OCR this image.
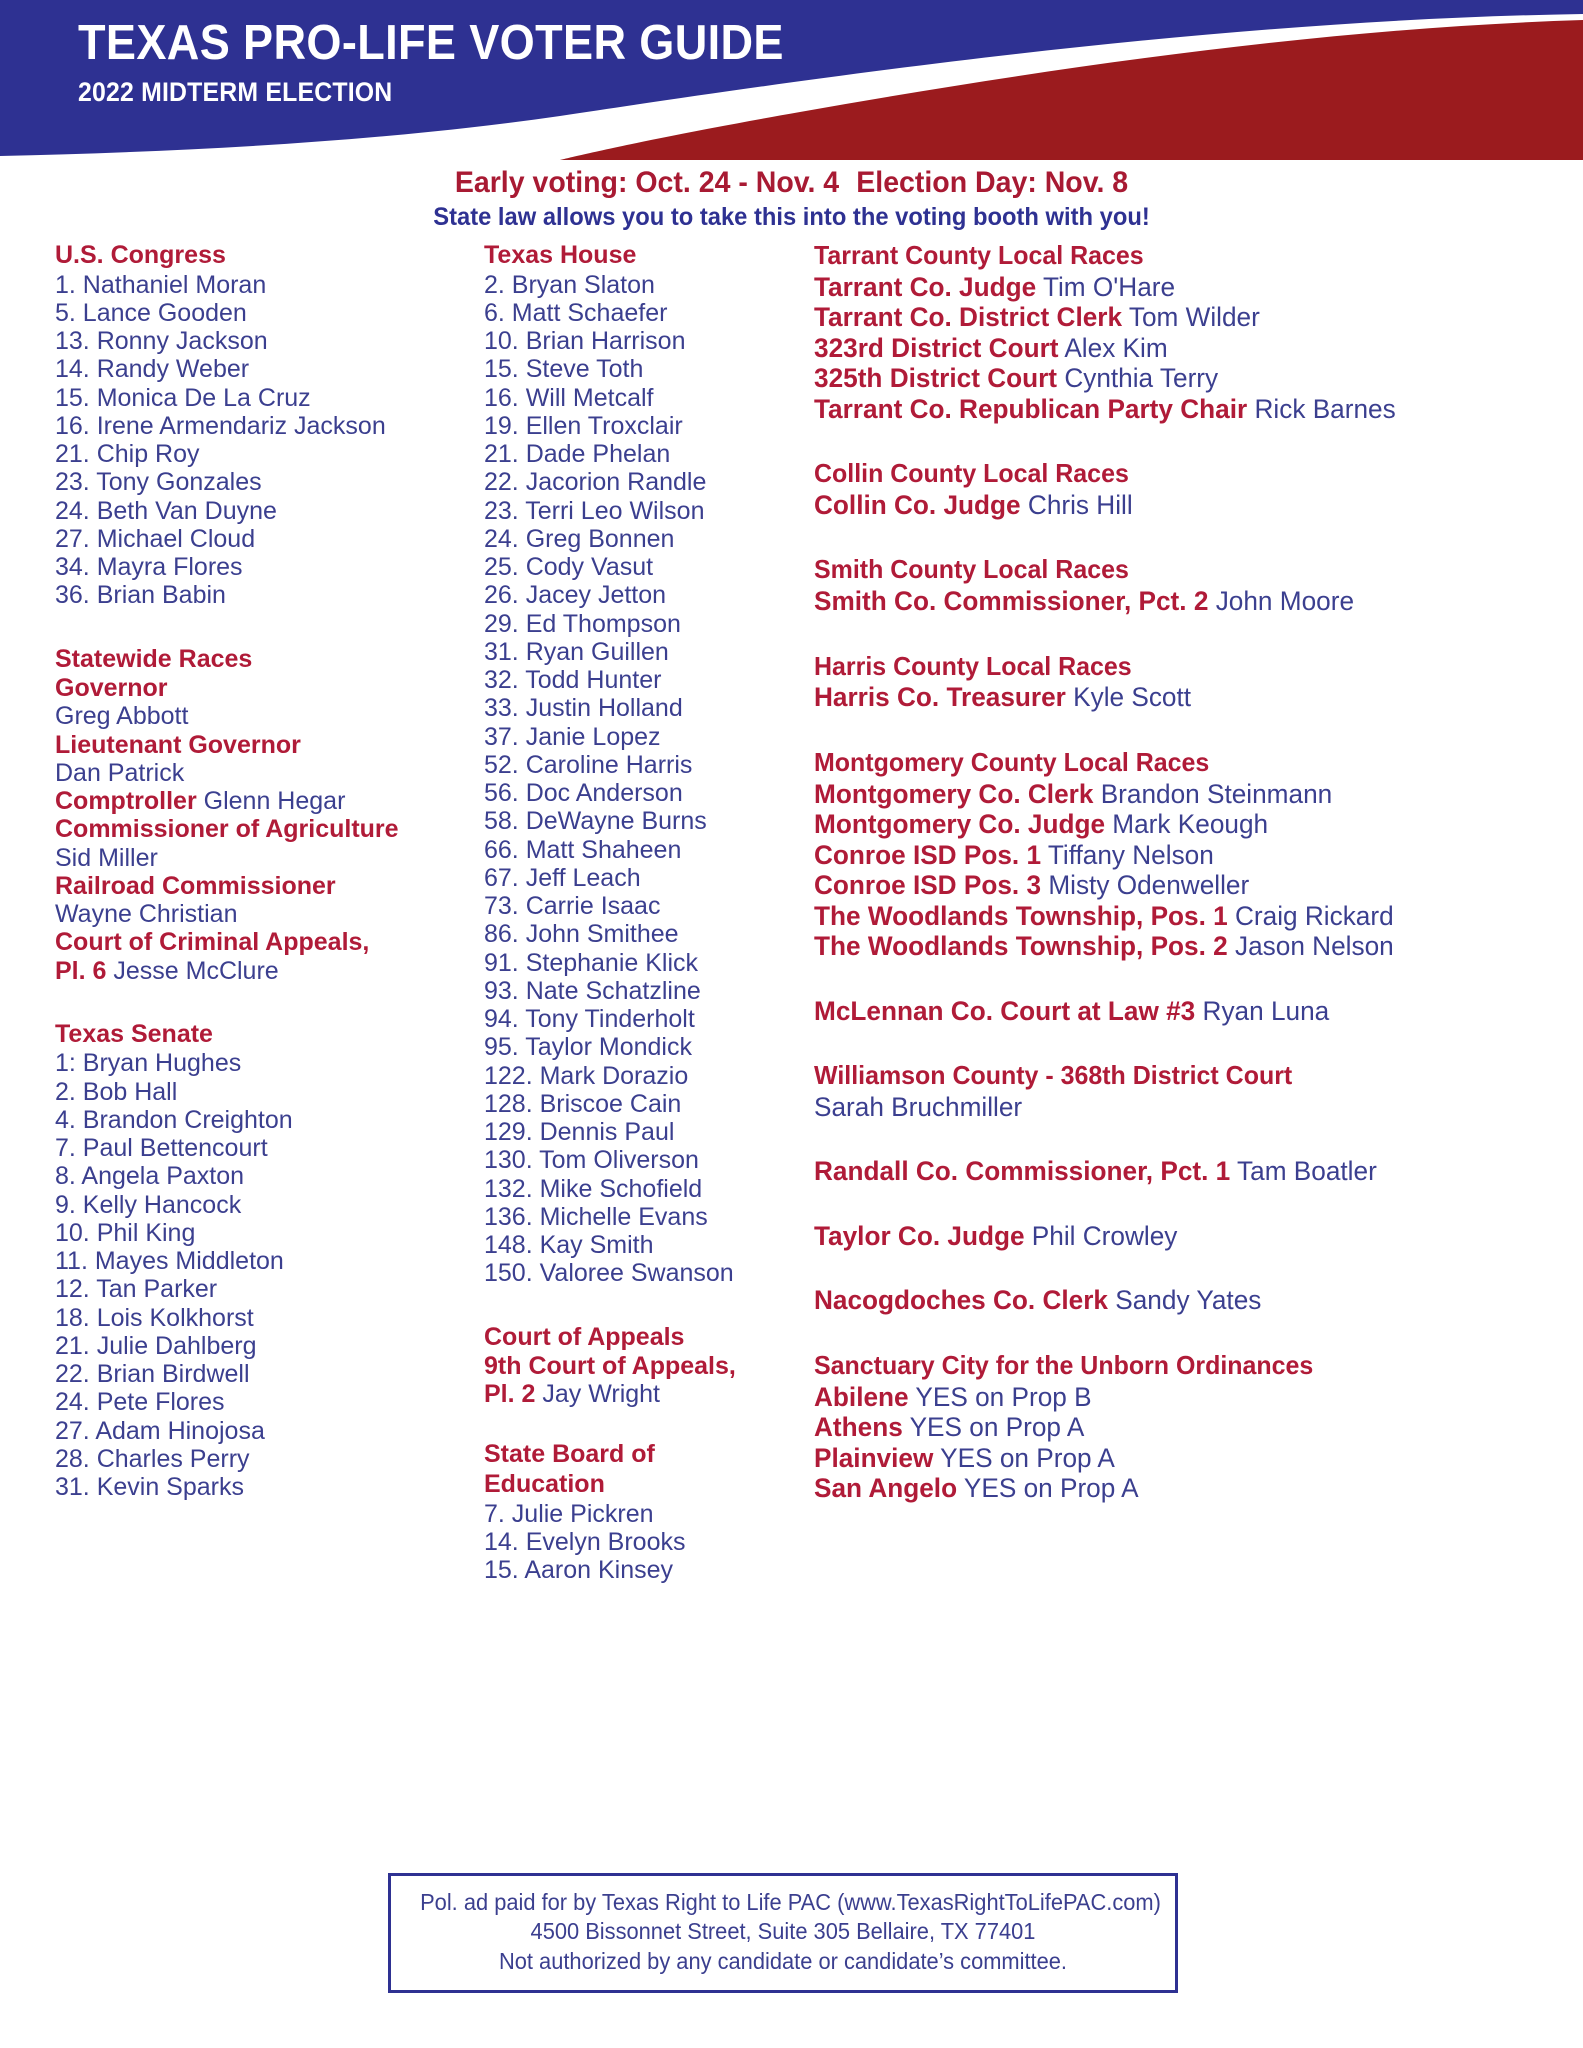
TEXAS PRO-LIFE VOTER GUIDE
2022 MIDTERM ELECTION
Early voting: Oct. 24 - Nov. 4 Election Day: Nov. 8
State law allows you to take this into the voting booth with you!
U.S. Congress
1. Nathaniel Moran
5. Lance Gooden
13. Ronny Jackson
14. Randy Weber
15. Monica De La Cruz
16. Irene Armendariz Jackson
21. Chip Roy
23. Tony Gonzales
24. Beth Van Duyne
27. Michael Cloud
34. Mayra Flores
36. Brian Babin
Statewide Races
Governor
Greg Abbott
Lieutenant Governor
Dan Patrick
Comptroller Glenn Hegar
Commissioner of Agriculture
Sid Miller
Railroad Commissioner
Wayne Christian
Court of Criminal Appeals,
Pl. 6 Jesse McClure
Texas Senate
1: Bryan Hughes
2. Bob Hall
4. Brandon Creighton
7. Paul Bettencourt
8. Angela Paxton
9. Kelly Hancock
10. Phil King
11. Mayes Middleton
12. Tan Parker
18. Lois Kolkhorst
21. Julie Dahlberg
22. Brian Birdwell
24. Pete Flores
27. Adam Hinojosa
28. Charles Perry
31. Kevin Sparks
Texas House
2. Bryan Slaton
6. Matt Schaefer
10. Brian Harrison
15. Steve Toth
16. Will Metcalf
19. Ellen Troxclair
21. Dade Phelan
22. Jacorion Randle
23. Terri Leo Wilson
24. Greg Bonnen
25. Cody Vasut
26. Jacey Jetton
29. Ed Thompson
31. Ryan Guillen
32. Todd Hunter
33. Justin Holland
37. Janie Lopez
52. Caroline Harris
56. Doc Anderson
58. DeWayne Burns
66. Matt Shaheen
67. Jeff Leach
73. Carrie Isaac
86. John Smithee
91. Stephanie Klick
93. Nate Schatzline
94. Tony Tinderholt
95. Taylor Mondick
122. Mark Dorazio
128. Briscoe Cain
129. Dennis Paul
130. Tom Oliverson
132. Mike Schofield
136. Michelle Evans
148. Kay Smith
150. Valoree Swanson
Court of Appeals
9th Court of Appeals,
Pl. 2 Jay Wright
State Board of
Education
7. Julie Pickren
14. Evelyn Brooks
15. Aaron Kinsey
Tarrant County Local Races
Tarrant Co. Judge Tim O'Hare
Tarrant Co. District Clerk Tom Wilder
323rd District Court Alex Kim
325th District Court Cynthia Terry
Tarrant Co. Republican Party Chair Rick Barnes
Collin County Local Races
Collin Co. Judge Chris Hill
Smith County Local Races
Smith Co. Commissioner, Pct. 2 John Moore
Harris County Local Races
Harris Co. Treasurer Kyle Scott
Montgomery County Local Races
Montgomery Co. Clerk Brandon Steinmann
Montgomery Co. Judge Mark Keough
Conroe ISD Pos. 1 Tiffany Nelson
Conroe ISD Pos. 3 Misty Odenweller
The Woodlands Township, Pos. 1 Craig Rickard
The Woodlands Township, Pos. 2 Jason Nelson
McLennan Co. Court at Law #3 Ryan Luna
Williamson County - 368th District Court
Sarah Bruchmiller
Randall Co. Commissioner, Pct. 1 Tam Boatler
Taylor Co. Judge Phil Crowley
Nacogdoches Co. Clerk Sandy Yates
Sanctuary City for the Unborn Ordinances
Abilene YES on Prop B
Athens YES on Prop A
Plainview YES on Prop A
San Angelo YES on Prop A
Pol. ad paid for by Texas Right to Life PAC (www.TexasRightToLifePAC.com)
4500 Bissonnet Street, Suite 305 Bellaire, TX 77401
Not authorized by any candidate or candidate’s committee.
